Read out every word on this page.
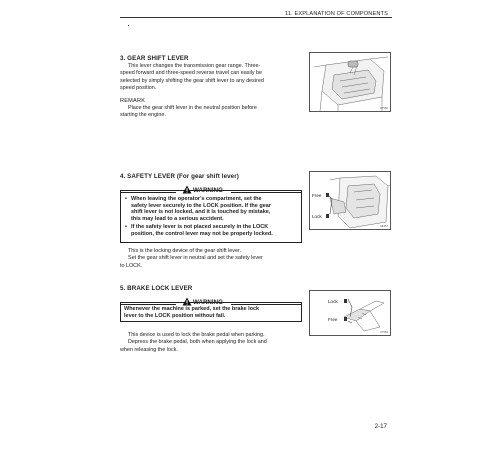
11. EXPLANATION OF COMPONENTS
3. GEAR SHIFT LEVER
This lever changes the transmission gear range. Three-
speed forward and three-speed reverse travel can easily be
selected by simply shifting the gear shift lever to any desired
speed position.
REMARK
Place the gear shift lever in the neutral position before
starting the engine.
07560
4. SAFETY LEVER (For gear shift lever)
WARNING
• When leaving the operator's compartment, set the
safety lever securely to the LOCK position. If the gear
shift lever is not locked, and it is touched by mistake,
this may lead to a serious accident.
• If the safety lever is not placed securely in the LOCK
position, the control lever may not be properly locked.
This is the locking device of the gear shift lever.
Set the gear shift lever in neutral and set the safety lever
to LOCK.
Free
Lock
08457
5. BRAKE LOCK LEVER
WARNING
Whenever the machine is parked, set the brake lock
lever to the LOCK position without fail.
This device is used to lock the brake pedal when parking.
Depress the brake pedal, both when applying the lock and
when releasing the lock.
Lock
Free
07564
2-17
